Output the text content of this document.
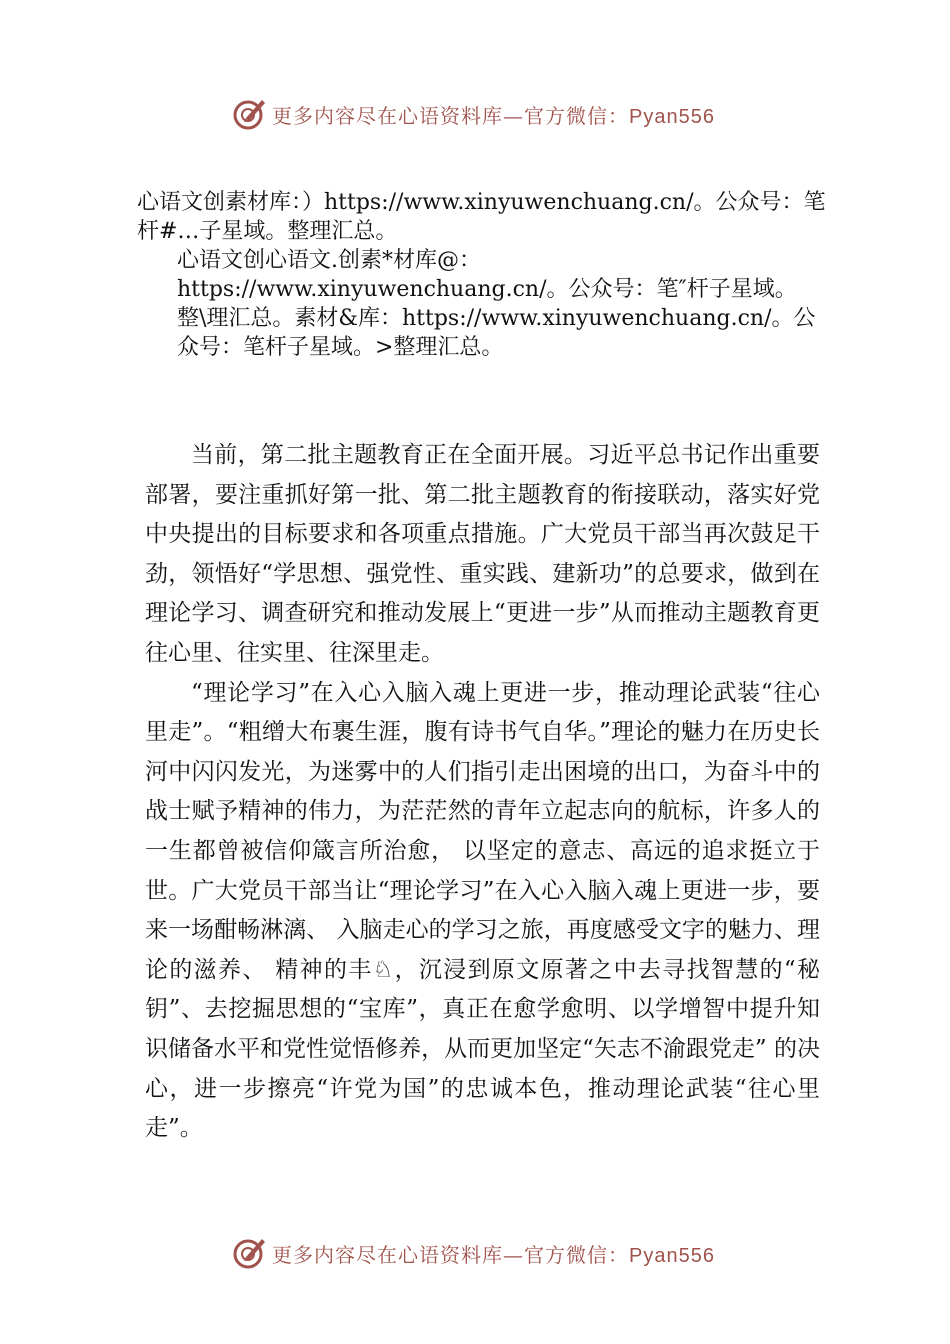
更多内容尽在心语资料库—官方微信：Pyan556

心语文创素材库：）https://www.xinyuwenchuang.cn/。公众号：笔杆#…子星域。整理汇总。

心语文创心语文.创素*材库@：https://www.xinyuwenchuang.cn/。公众号：笔″杆子星域。整\理汇总。素材&库：https://www.xinyuwenchuang.cn/。公众号：笔杆子星域。>整理汇总。

当前，第二批主题教育正在全面开展。习近平总书记作出重要部署，要注重抓好第一批、第二批主题教育的衔接联动，落实好党中央提出的目标要求和各项重点措施。广大党员干部当再次鼓足干劲，领悟好“学思想、强党性、重实践、建新功”的总要求，做到在理论学习、调查研究和推动发展上“更进一步”从而推动主题教育更往心里、往实里、往深里走。

“理论学习”在入心入脑入魂上更进一步，推动理论武装“往心里走”。“粗缯大布裹生涯，腹有诗书气自华。”理论的魅力在历史长河中闪闪发光，为迷雾中的人们指引走出困境的出口，为奋斗中的战士赋予精神的伟力，为茫茫然的青年立起志向的航标，许多人的一生都曾被信仰箴言所治愈， 以坚定的意志、高远的追求挺立于世。广大党员干部当让“理论学习”在入心入脑入魂上更进一步，要来一场酣畅淋漓、 入脑走心的学习之旅，再度感受文字的魅力、理论的滋养、 精神的丰♘，沉浸到原文原著之中去寻找智慧的“秘钥”、去挖掘思想的“宝库”，真正在愈学愈明、以学增智中提升知识储备水平和党性觉悟修养，从而更加坚定“矢志不渝跟党走” 的决心，进一步擦亮“许党为国”的忠诚本色，推动理论武装“往心里走”。

更多内容尽在心语资料库—官方微信：Pyan556
